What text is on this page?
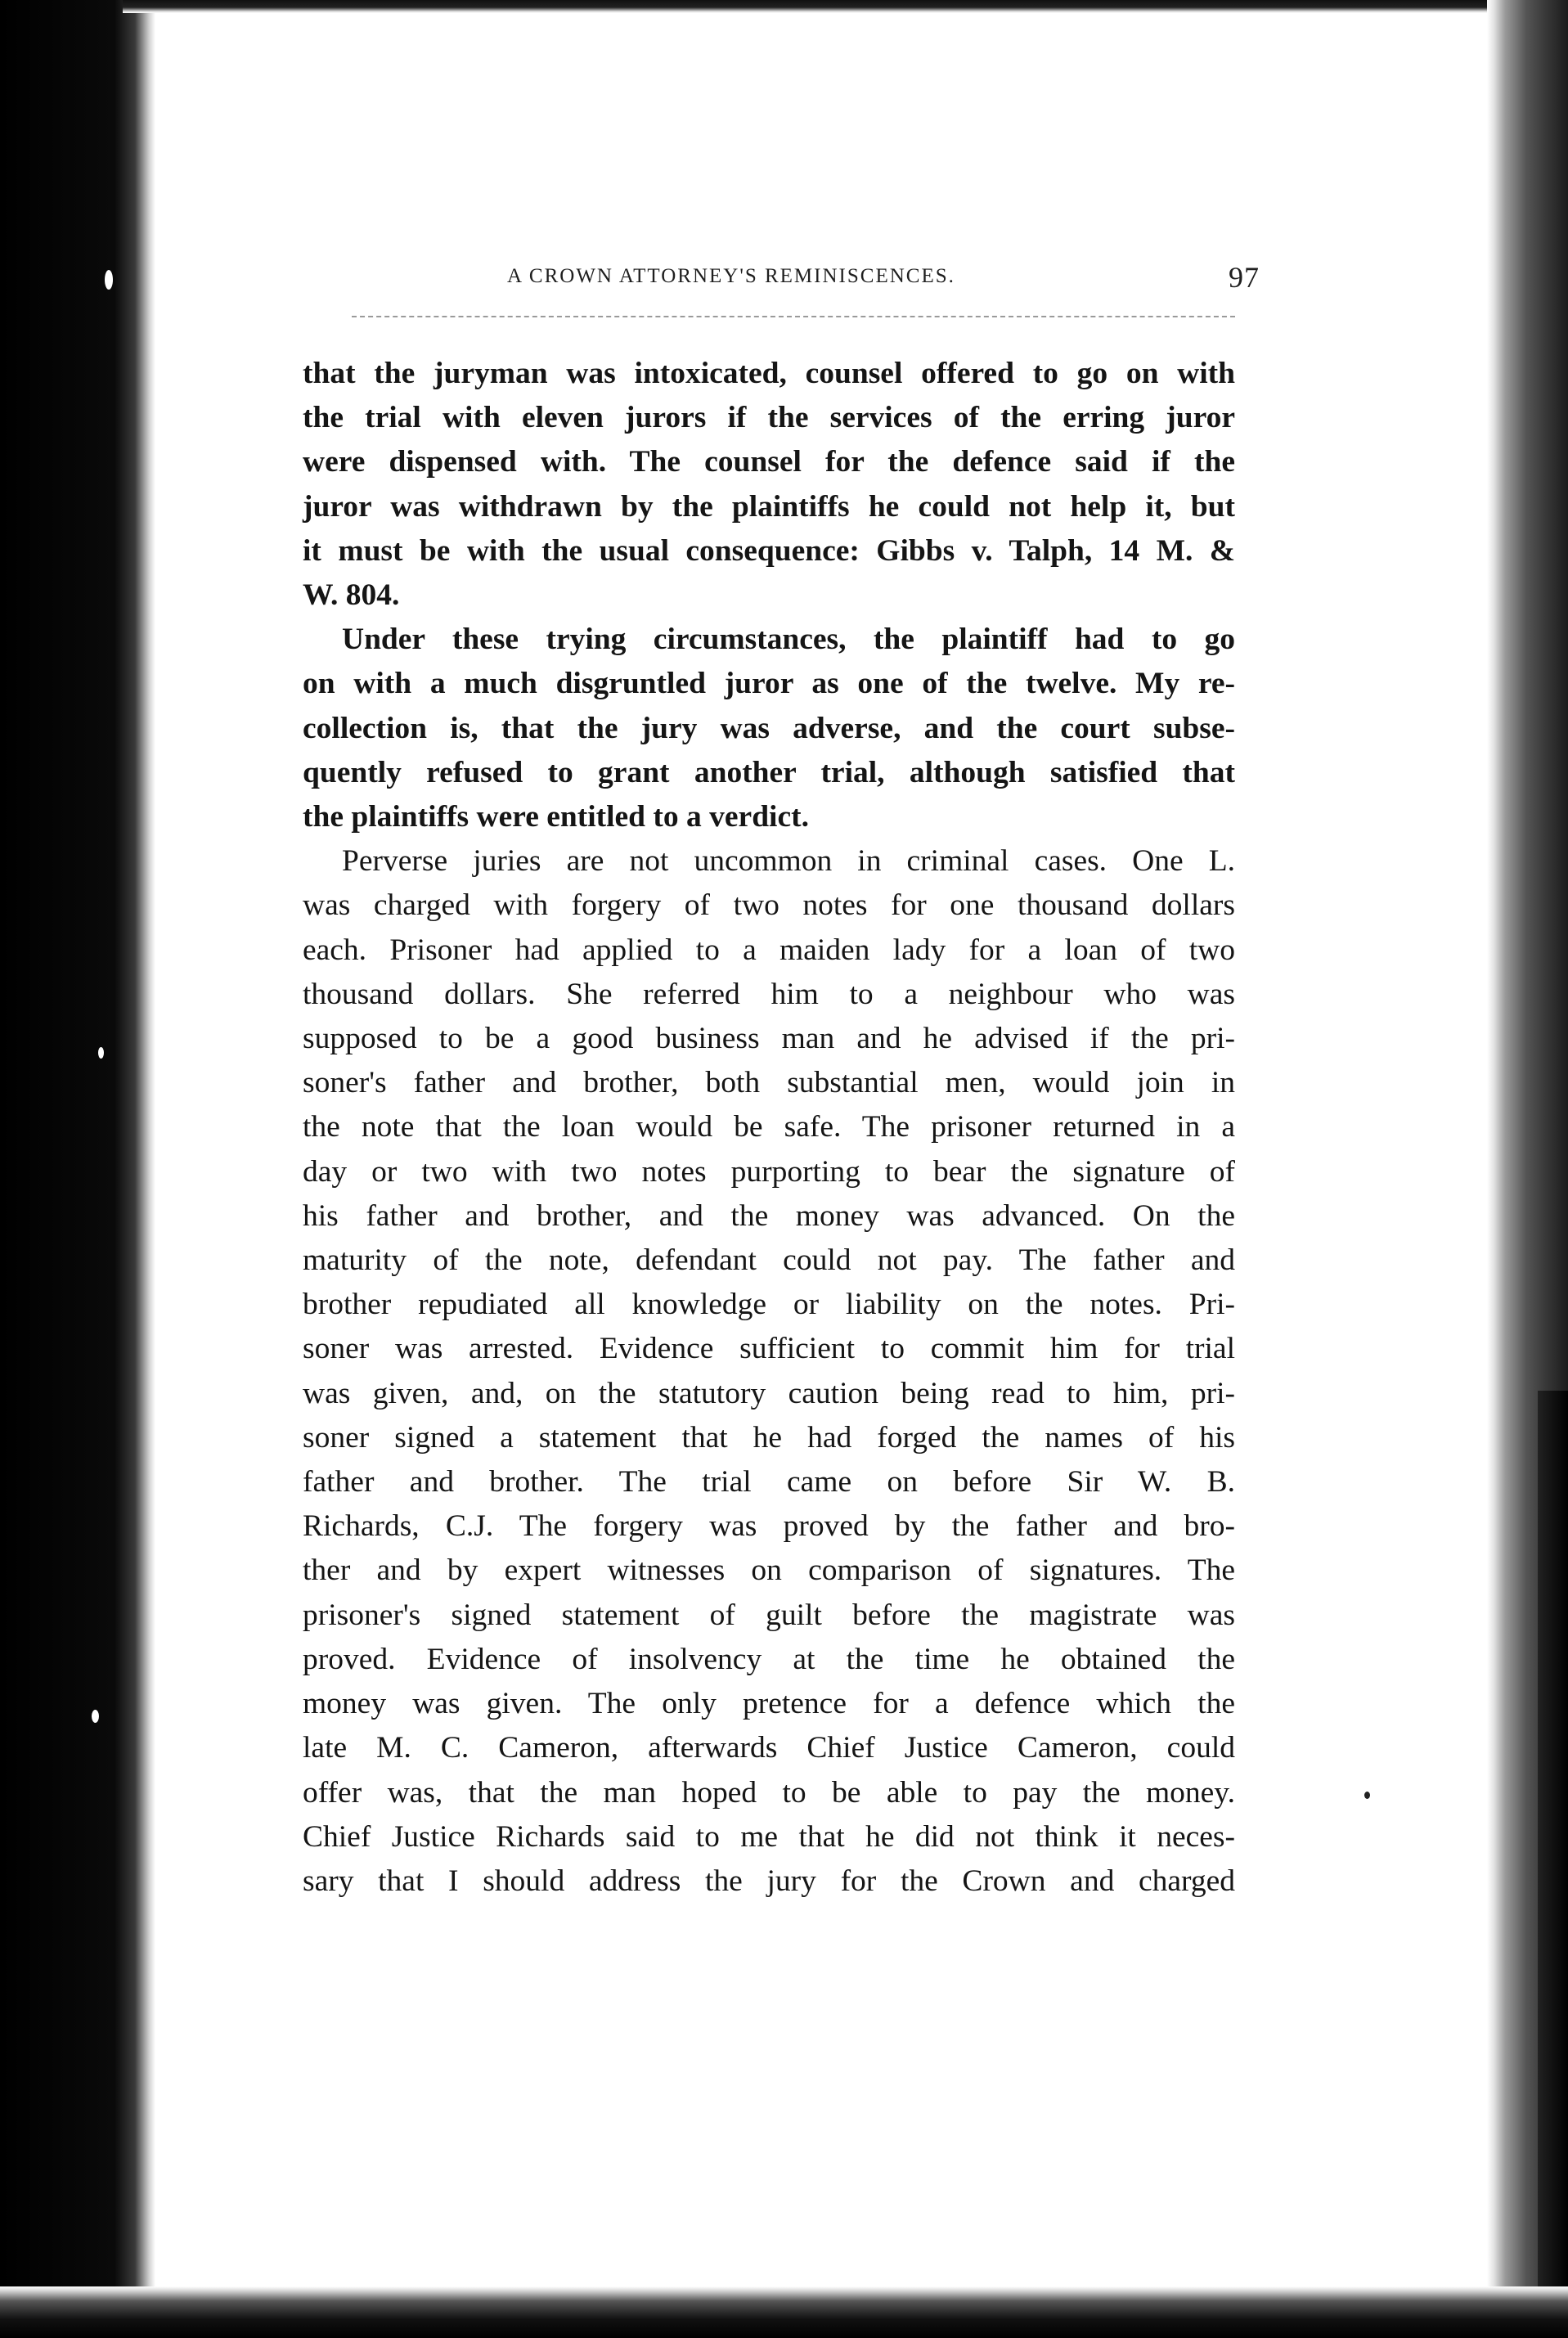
A CROWN ATTORNEY'S REMINISCENCES.	97

that the juryman was intoxicated, counsel offered to go on with
the trial with eleven jurors if the services of the erring juror
were dispensed with. The counsel for the defence said if the
juror was withdrawn by the plaintiffs he could not help it, but
it must be with the usual consequence: Gibbs v. Talph, 14 M. &
W. 804.

Under these trying circumstances, the plaintiff had to go
on with a much disgruntled juror as one of the twelve. My re-
collection is, that the jury was adverse, and the court subse-
quently refused to grant another trial, although satisfied that
the plaintiffs were entitled to a verdict.

Perverse juries are not uncommon in criminal cases. One L.
was charged with forgery of two notes for one thousand dollars
each. Prisoner had applied to a maiden lady for a loan of two
thousand dollars. She referred him to a neighbour who was
supposed to be a good business man and he advised if the pri-
soner's father and brother, both substantial men, would join in
the note that the loan would be safe. The prisoner returned in a
day or two with two notes purporting to bear the signature of
his father and brother, and the money was advanced. On the
maturity of the note, defendant could not pay. The father and
brother repudiated all knowledge or liability on the notes. Pri-
soner was arrested. Evidence sufficient to commit him for trial
was given, and, on the statutory caution being read to him, pri-
soner signed a statement that he had forged the names of his
father and brother. The trial came on before Sir W. B.
Richards, C.J. The forgery was proved by the father and bro-
ther and by expert witnesses on comparison of signatures. The
prisoner's signed statement of guilt before the magistrate was
proved. Evidence of insolvency at the time he obtained the
money was given. The only pretence for a defence which the
late M. C. Cameron, afterwards Chief Justice Cameron, could
offer was, that the man hoped to be able to pay the money.
Chief Justice Richards said to me that he did not think it neces-
sary that I should address the jury for the Crown and charged
